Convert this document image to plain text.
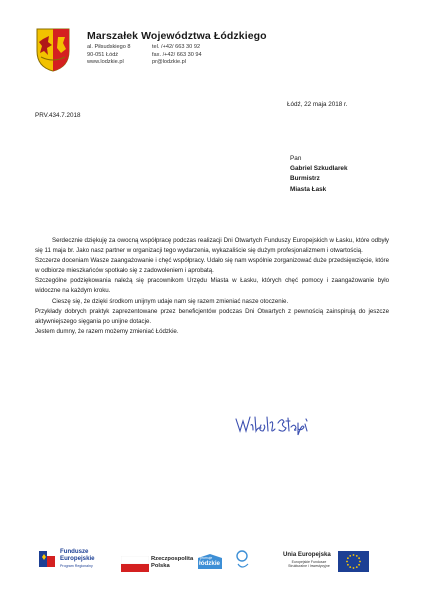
Marszałek Województwa Łódzkiego
al. Piłsudskiego 8
90-051 Łódź
www.lodzkie.pl
tel. /+42/ 663 30 92
fax. /+42/ 663 30 94
pr@lodzkie.pl
Łódź, 22 maja 2018 r.
PRV.434.7.2018
Pan
Gabriel Szkudlarek
Burmistrz
Miasta Łask

Serdecznie dziękuję za owocną współpracę podczas realizacji Dni Otwartych Funduszy Europejskich w Łasku, które odbyły się 11 maja br. Jako nasz partner w organizacji tego wydarzenia, wykazaliście się dużym profesjonalizmem i otwartością.

Szczerze doceniam Wasze zaangażowanie i chęć współpracy. Udało się nam wspólnie zorganizować duże przedsięwzięcie, które w odbiorze mieszkańców spotkało się z zadowoleniem i aprobatą.

Szczególne podziękowania należą się pracownikom Urzędu Miasta w Łasku, których chęć pomocy i zaangażowanie było widoczne na każdym kroku.

Cieszę się, że dzięki środkom unijnym udaje nam się razem zmieniać nasze otoczenie.

Przykłady dobrych praktyk zaprezentowane przez beneficjentów podczas Dni Otwartych z pewnością zainspirują do jeszcze aktywniejszego sięgania po unijne dotacje.

Jestem dumny, że razem możemy zmieniać Łódzkie.

Fundusze
Europejskie
Program Regionalny
Rzeczpospolita
Polska
promuje
łódzkie
Unia Europejska
Europejskie Fundusze
Strukturalne i Inwestycyjne
